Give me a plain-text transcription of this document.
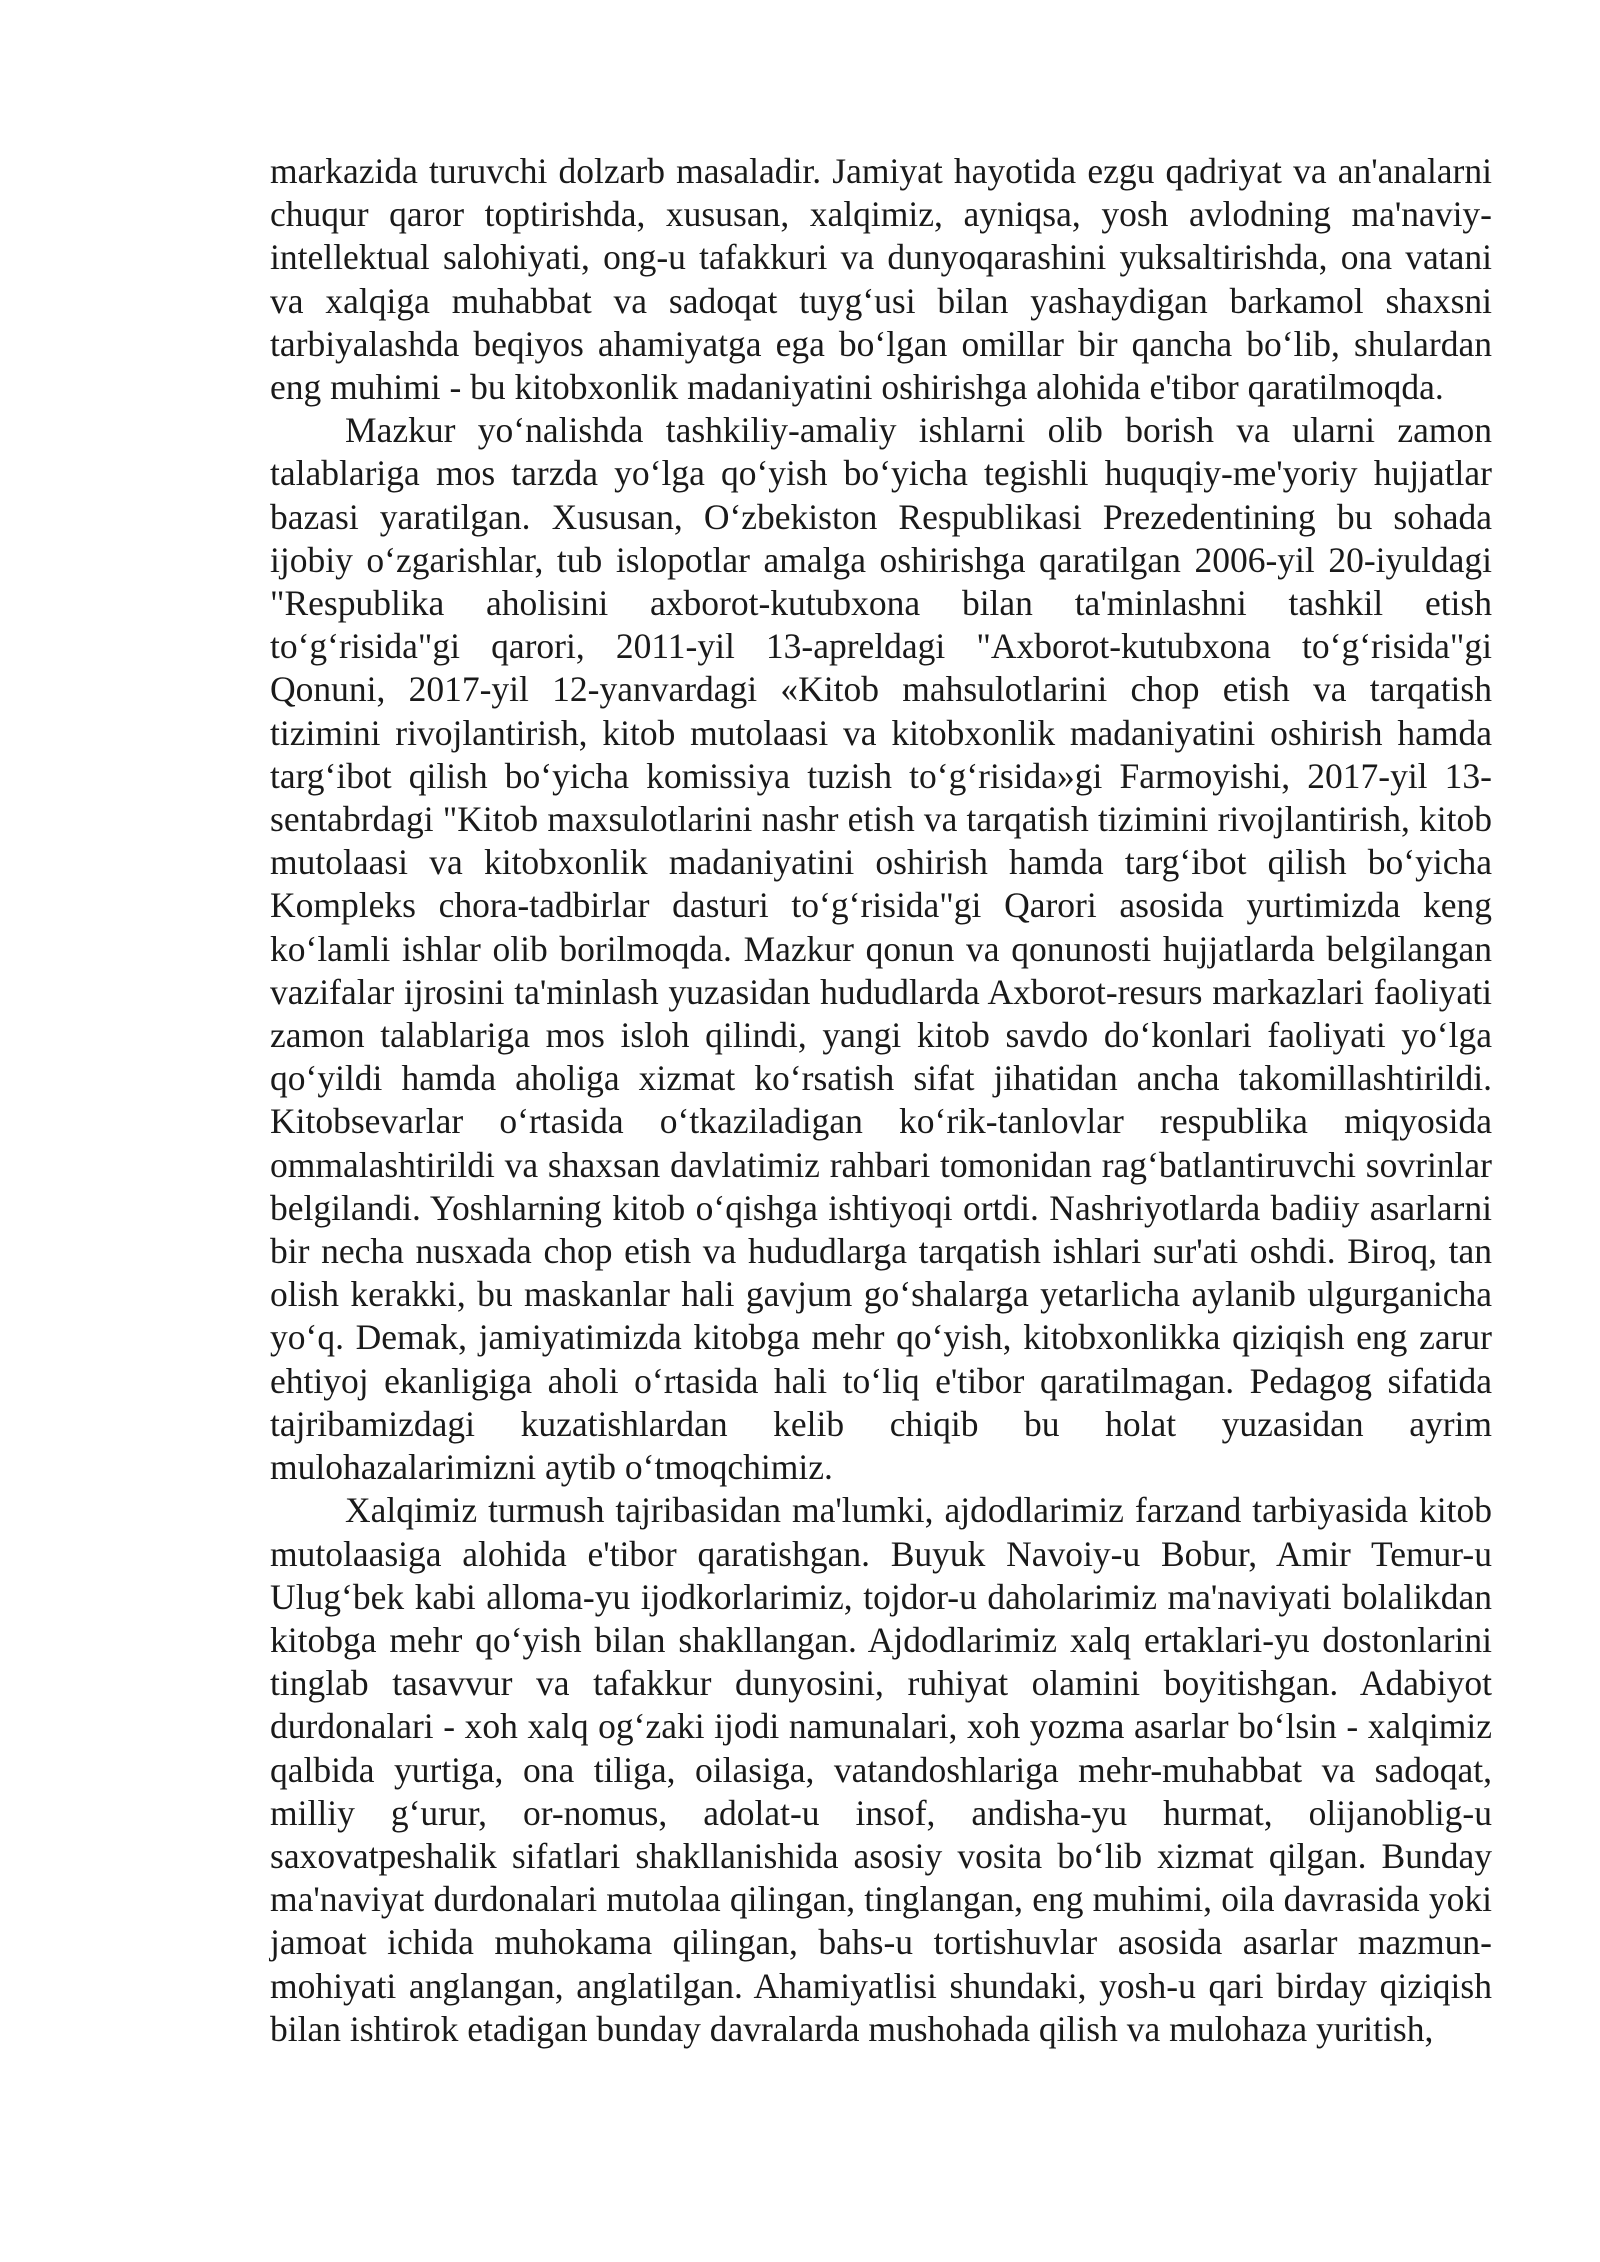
markazida turuvchi dolzarb masaladir. Jamiyat hayotida ezgu qadriyat va an'analarni chuqur qaror toptirishda, xususan, xalqimiz, ayniqsa, yosh avlodning ma'naviy-intellektual salohiyati, ong-u tafakkuri va dunyoqarashini yuksaltirishda, ona vatani va xalqiga muhabbat va sadoqat tuyg‘usi bilan yashaydigan barkamol shaxsni tarbiyalashda beqiyos ahamiyatga ega bo‘lgan omillar bir qancha bo‘lib, shulardan eng muhimi - bu kitobxonlik madaniyatini oshirishga alohida e'tibor qaratilmoqda.

Mazkur yo‘nalishda tashkiliy-amaliy ishlarni olib borish va ularni zamon talablariga mos tarzda yo‘lga qo‘yish bo‘yicha tegishli huquqiy-me'yoriy hujjatlar bazasi yaratilgan. Xususan, O‘zbekiston Respublikasi Prezedentining bu sohada ijobiy o‘zgarishlar, tub islopotlar amalga oshirishga qaratilgan 2006-yil 20-iyuldagi "Respublika aholisini axborot-kutubxona bilan ta'minlashni tashkil etish to‘g‘risida"gi qarori, 2011-yil 13-apreldagi "Axborot-kutubxona to‘g‘risida"gi Qonuni, 2017-yil 12-yanvardagi «Kitob mahsulotlarini chop etish va tarqatish tizimini rivojlantirish, kitob mutolaasi va kitobxonlik madaniyatini oshirish hamda targ‘ibot qilish bo‘yicha komissiya tuzish to‘g‘risida»gi Farmoyishi, 2017-yil 13-sentabrdagi "Kitob maxsulotlarini nashr etish va tarqatish tizimini rivojlantirish, kitob mutolaasi va kitobxonlik madaniyatini oshirish hamda targ‘ibot qilish bo‘yicha Kompleks chora-tadbirlar dasturi to‘g‘risida"gi Qarori asosida yurtimizda keng ko‘lamli ishlar olib borilmoqda. Mazkur qonun va qonunosti hujjatlarda belgilangan vazifalar ijrosini ta'minlash yuzasidan hududlarda Axborot-resurs markazlari faoliyati zamon talablariga mos isloh qilindi, yangi kitob savdo do‘konlari faoliyati yo‘lga qo‘yildi hamda aholiga xizmat ko‘rsatish sifat jihatidan ancha takomillashtirildi. Kitobsevarlar o‘rtasida o‘tkaziladigan ko‘rik-tanlovlar respublika miqyosida ommalashtirildi va shaxsan davlatimiz rahbari tomonidan rag‘batlantiruvchi sovrinlar belgilandi. Yoshlarning kitob o‘qishga ishtiyoqi ortdi. Nashriyotlarda badiiy asarlarni bir necha nusxada chop etish va hududlarga tarqatish ishlari sur'ati oshdi. Biroq, tan olish kerakki, bu maskanlar hali gavjum go‘shalarga yetarlicha aylanib ulgurganicha yo‘q. Demak, jamiyatimizda kitobga mehr qo‘yish, kitobxonlikka qiziqish eng zarur ehtiyoj ekanligiga aholi o‘rtasida hali to‘liq e'tibor qaratilmagan. Pedagog sifatida tajribamizdagi kuzatishlardan kelib chiqib bu holat yuzasidan ayrim mulohazalarimizni aytib o‘tmoqchimiz.

Xalqimiz turmush tajribasidan ma'lumki, ajdodlarimiz farzand tarbiyasida kitob mutolaasiga alohida e'tibor qaratishgan. Buyuk Navoiy-u Bobur, Amir Temur-u Ulug‘bek kabi alloma-yu ijodkorlarimiz, tojdor-u daholarimiz ma'naviyati bolalikdan kitobga mehr qo‘yish bilan shakllangan. Ajdodlarimiz xalq ertaklari-yu dostonlarini tinglab tasavvur va tafakkur dunyosini, ruhiyat olamini boyitishgan. Adabiyot durdonalari - xoh xalq og‘zaki ijodi namunalari, xoh yozma asarlar bo‘lsin - xalqimiz qalbida yurtiga, ona tiliga, oilasiga, vatandoshlariga mehr-muhabbat va sadoqat, milliy g‘urur, or-nomus, adolat-u insof, andisha-yu hurmat, olijanoblig-u saxovatpeshalik sifatlari shakllanishida asosiy vosita bo‘lib xizmat qilgan. Bunday ma'naviyat durdonalari mutolaa qilingan, tinglangan, eng muhimi, oila davrasida yoki jamoat ichida muhokama qilingan, bahs-u tortishuvlar asosida asarlar mazmun-mohiyati anglangan, anglatilgan. Ahamiyatlisi shundaki, yosh-u qari birday qiziqish bilan ishtirok etadigan bunday davralarda mushohada qilish va mulohaza yuritish,
